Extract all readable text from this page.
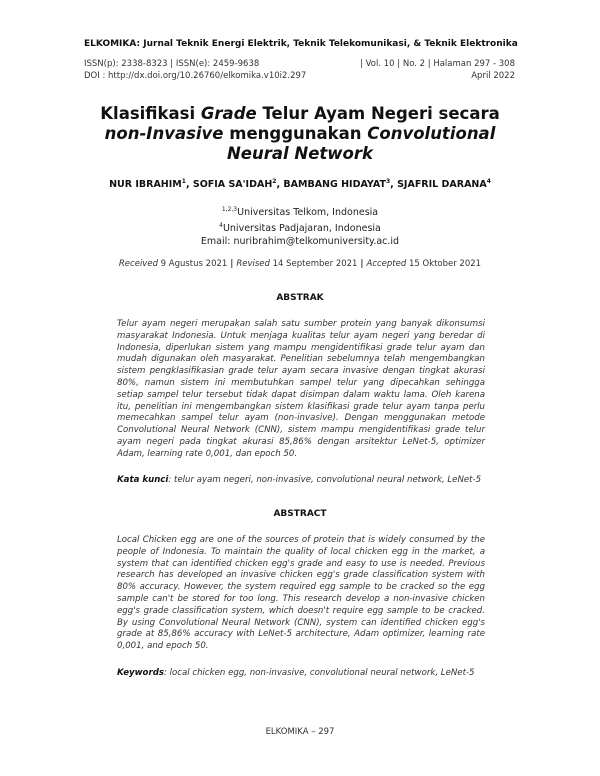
ELKOMIKA: Jurnal Teknik Energi Elektrik, Teknik Telekomunikasi, & Teknik Elektronika
ISSN(p): 2338-8323 | ISSN(e): 2459-9638
DOI : http://dx.doi.org/10.26760/elkomika.v10i2.297
| Vol. 10 | No. 2 | Halaman 297 - 308
April 2022
Klasifikasi Grade Telur Ayam Negeri secara non-Invasive menggunakan Convolutional Neural Network
NUR IBRAHIM$^1$, SOFIA SA'IDAH$^2$, BAMBANG HIDAYAT$^3$, SJAFRIL DARANA$^4$
$^{1,2,3}$Universitas Telkom, Indonesia
$^4$Universitas Padjajaran, Indonesia
Email: nuribrahim@telkomuniversity.ac.id
Received 9 Agustus 2021 | Revised 14 September 2021 | Accepted 15 Oktober 2021
ABSTRAK
Telur ayam negeri merupakan salah satu sumber protein yang banyak dikonsumsi masyarakat Indonesia. Untuk menjaga kualitas telur ayam negeri yang beredar di Indonesia, diperlukan sistem yang mampu mengidentifikasi grade telur ayam dan mudah digunakan oleh masyarakat. Penelitian sebelumnya telah mengembangkan sistem pengklasifikasian grade telur ayam secara invasive dengan tingkat akurasi 80%, namun sistem ini membutuhkan sampel telur yang dipecahkan sehingga setiap sampel telur tersebut tidak dapat disimpan dalam waktu lama. Oleh karena itu, penelitian ini mengembangkan sistem klasifikasi grade telur ayam tanpa perlu memecahkan sampel telur ayam (non-invasive). Dengan menggunakan metode Convolutional Neural Network (CNN), sistem mampu mengidentifikasi grade telur ayam negeri pada tingkat akurasi 85,86% dengan arsitektur LeNet-5, optimizer Adam, learning rate 0,001, dan epoch 50.
Kata kunci: telur ayam negeri, non-invasive, convolutional neural network, LeNet-5
ABSTRACT
Local Chicken egg are one of the sources of protein that is widely consumed by the people of Indonesia. To maintain the quality of local chicken egg in the market, a system that can identified chicken egg's grade and easy to use is needed. Previous research has developed an invasive chicken egg's grade classification system with 80% accuracy. However, the system required egg sample to be cracked so the egg sample can't be stored for too long. This research develop a non-invasive chicken egg's grade classification system, which doesn't require egg sample to be cracked. By using Convolutional Neural Network (CNN), system can identified chicken egg's grade at 85,86% accuracy with LeNet-5 architecture, Adam optimizer, learning rate 0,001, and epoch 50.
Keywords: local chicken egg, non-invasive, convolutional neural network, LeNet-5
ELKOMIKA – 297
